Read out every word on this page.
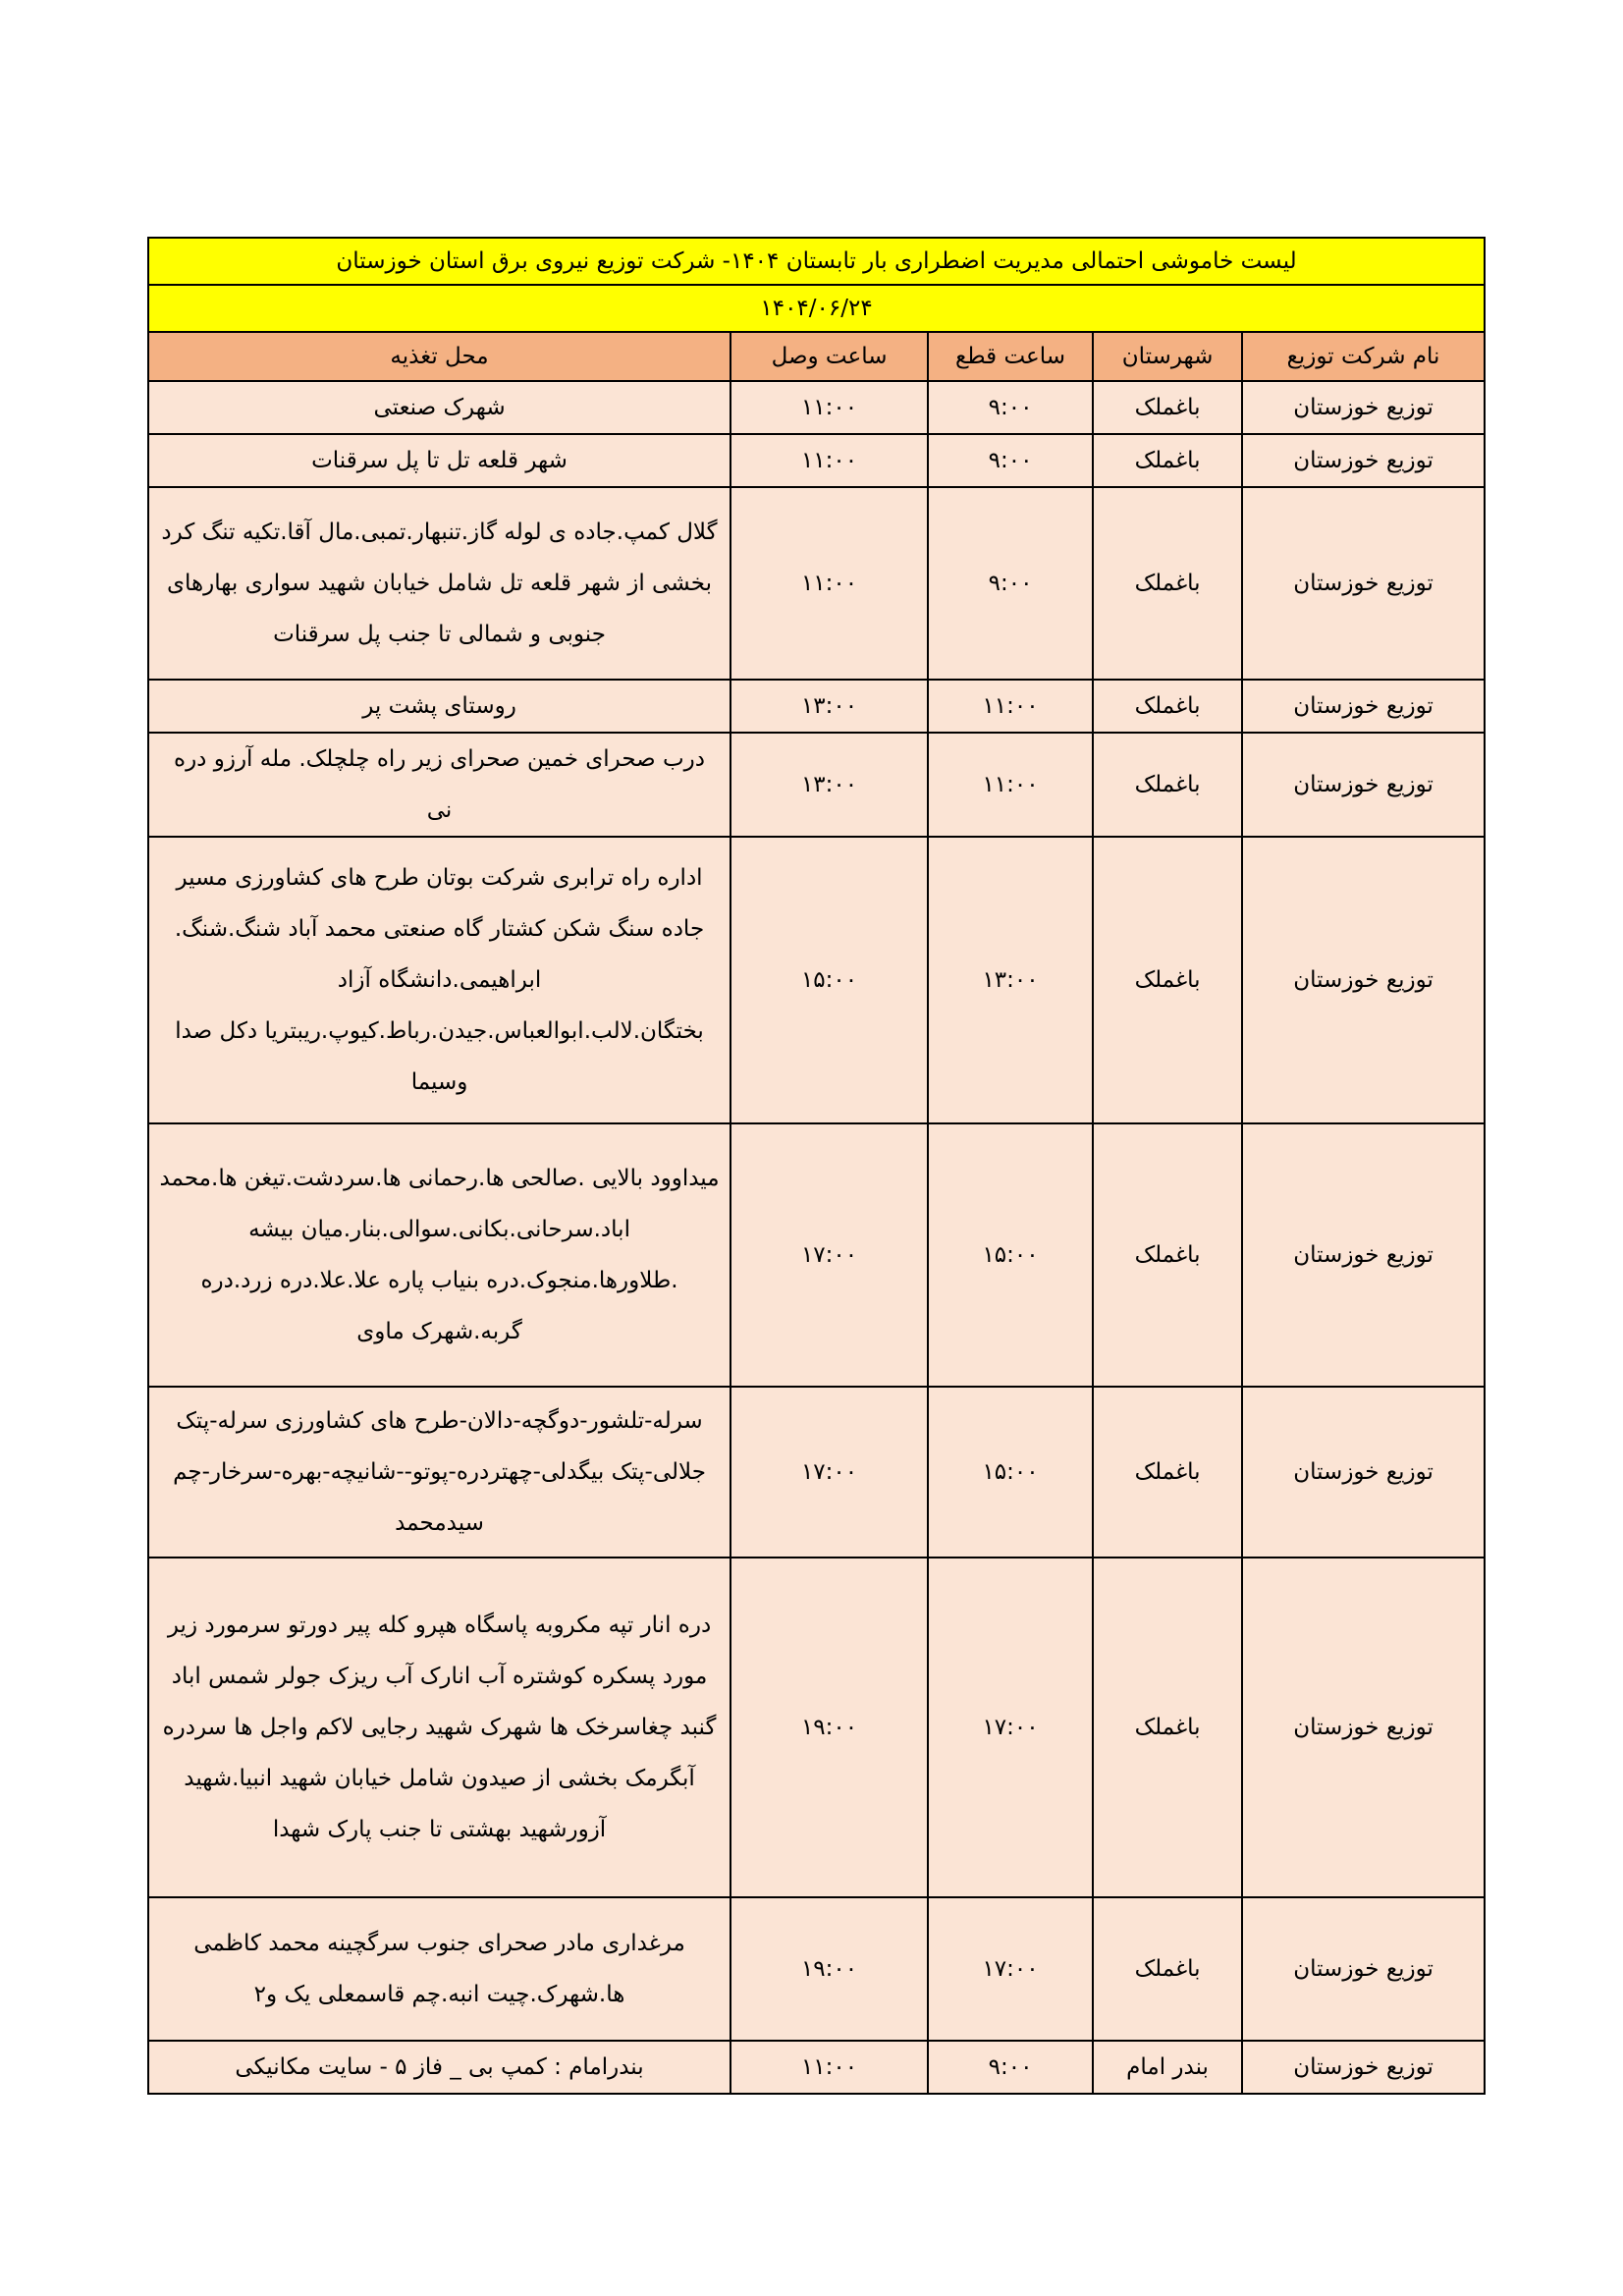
لیست خاموشی احتمالی مدیریت اضطراری بار تابستان ۱۴۰۴- شرکت توزیع نیروی برق استان خوزستان				
۱۴۰۴/۰۶/۲۴				
نام شرکت توزیع	شهرستان	ساعت قطع	ساعت وصل	محل تغذیه
توزیع خوزستان	باغملک	۹:۰۰	۱۱:۰۰	شهرک صنعتی
توزیع خوزستان	باغملک	۹:۰۰	۱۱:۰۰	شهر قلعه تل تا پل سرقنات
توزیع خوزستان	باغملک	۹:۰۰	۱۱:۰۰	گلال کمپ.جاده ی لوله گاز.تنبهار.تمبی.مال آقا.تکیه تنگ کرد بخشی از شهر قلعه تل شامل خیابان شهید سواری بهارهای جنوبی و شمالی تا جنب پل سرقنات
توزیع خوزستان	باغملک	۱۱:۰۰	۱۳:۰۰	روستای پشت پر
توزیع خوزستان	باغملک	۱۱:۰۰	۱۳:۰۰	درب صحرای خمین صحرای زیر راه چلچلک. مله آرزو دره نی
توزیع خوزستان	باغملک	۱۳:۰۰	۱۵:۰۰	اداره راه ترابری شرکت بوتان طرح های کشاورزی مسیر جاده سنگ شکن کشتار گاه صنعتی محمد آباد شنگ.شنگ. ابراهیمی.دانشگاه آزاد بختگان.لالب.ابوالعباس.جیدن.رباط.کیوپ.ریبتریا دکل صدا وسیما
توزیع خوزستان	باغملک	۱۵:۰۰	۱۷:۰۰	میداوود بالایی .صالحی ها.رحمانی ها.سردشت.تیغن ها.محمد اباد.سرحانی.بکانی.سوالی.بنار.میان بیشه .طلاورها.منجوک.دره بنیاب پاره علا.علا.دره زرد.دره گربه.شهرک ماوی
توزیع خوزستان	باغملک	۱۵:۰۰	۱۷:۰۰	سرله-تلشور-دوگچه-دالان-طرح های کشاورزی سرله-پتک جلالی-پتک بیگدلی-چهتردره-پوتو--شانیچه-بهره-سرخار-چم سیدمحمد
توزیع خوزستان	باغملک	۱۷:۰۰	۱۹:۰۰	دره انار تپه مکروبه پاسگاه هپرو کله پیر دورتو سرمورد زیر مورد پسکره کوشتره آب انارک آب ریزک جولر شمس اباد گنبد چغاسرخک ها شهرک شهید رجایی لاکم واجل ها سردره آبگرمک بخشی از صیدون شامل خیابان شهید انبیا.شهید آزورشهید بهشتی تا جنب پارک شهدا
توزیع خوزستان	باغملک	۱۷:۰۰	۱۹:۰۰	مرغداری مادر صحرای جنوب سرگچینه محمد کاظمی ها.شهرک.چیت انبه.چم قاسمعلی یک و۲
توزیع خوزستان	بندر امام	۹:۰۰	۱۱:۰۰	بندرامام : کمپ بی _ فاز ۵ - سایت مکانیکی
